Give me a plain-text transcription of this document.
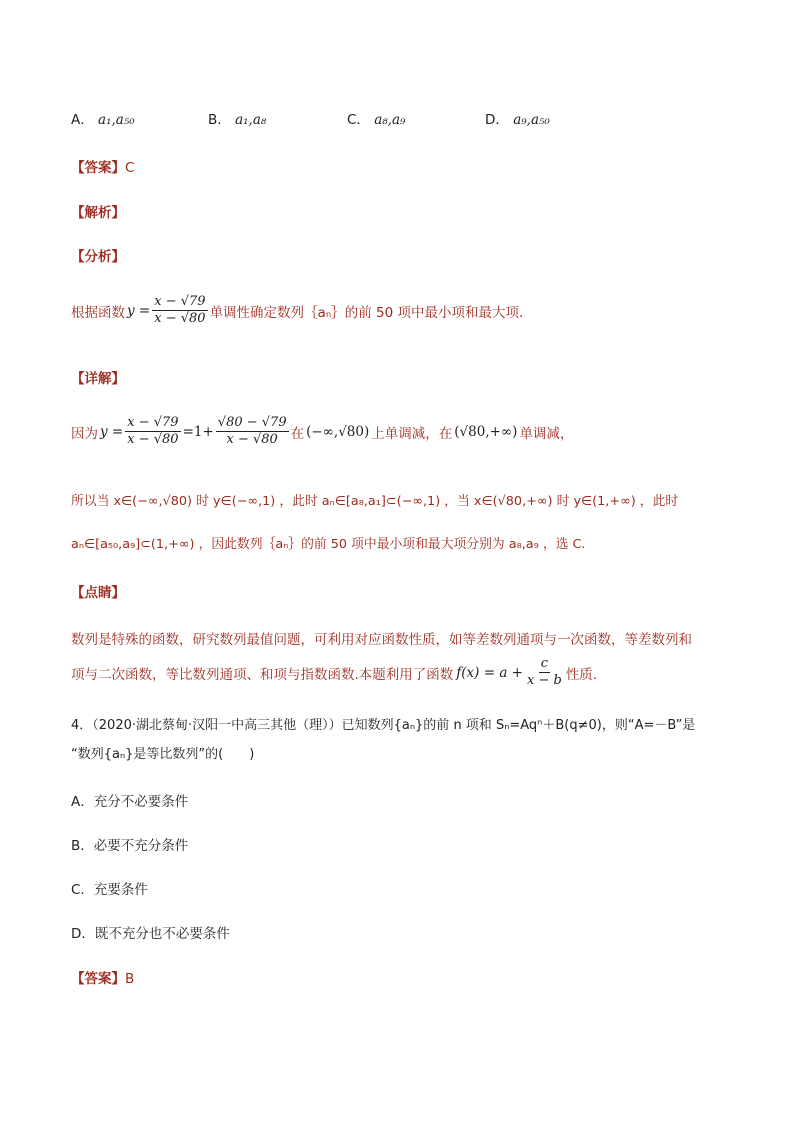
A． a₁,a₅₀	B． a₁,a₈	C． a₈,a₉	D． a₉,a₅₀
【答案】C
【解析】
【分析】
根据函数 $y = \frac{x - √79}{x - √80}$ 单调性确定数列｛aₙ｝的前 50 项中最小项和最大项.
【详解】
因为 $y = \frac{x - √79}{x - √80} =1+ \frac{√80 - √79}{x - √80}$ 在 (−∞,√80) 上单调减，在 (√80,+∞) 单调减，
所以当 x∈(−∞,√80) 时 y∈(−∞,1) ，此时 aₙ∈[a₈,a₁]⊂(−∞,1) ，当 x∈(√80,+∞) 时 y∈(1,+∞) ，此时
aₙ∈[a₅₀,a₉]⊂(1,+∞) ，因此数列｛aₙ｝的前 50 项中最小项和最大项分别为 a₈,a₉ ，选 C.
【点睛】
数列是特殊的函数，研究数列最值问题，可利用对应函数性质，如等差数列通项与一次函数，等差数列和
项与二次函数，等比数列通项、和项与指数函数.本题利用了函数 $f(x) = a + \frac{c}{x - b}$ 性质.
4．（2020·湖北蔡甸·汉阳一中高三其他（理））已知数列{aₙ}的前 n 项和 Sₙ=Aqⁿ＋B(q≠0)，则“A=－B”是
“数列{aₙ}是等比数列”的(　　)
A．充分不必要条件
B．必要不充分条件
C．充要条件
D．既不充分也不必要条件
【答案】B
